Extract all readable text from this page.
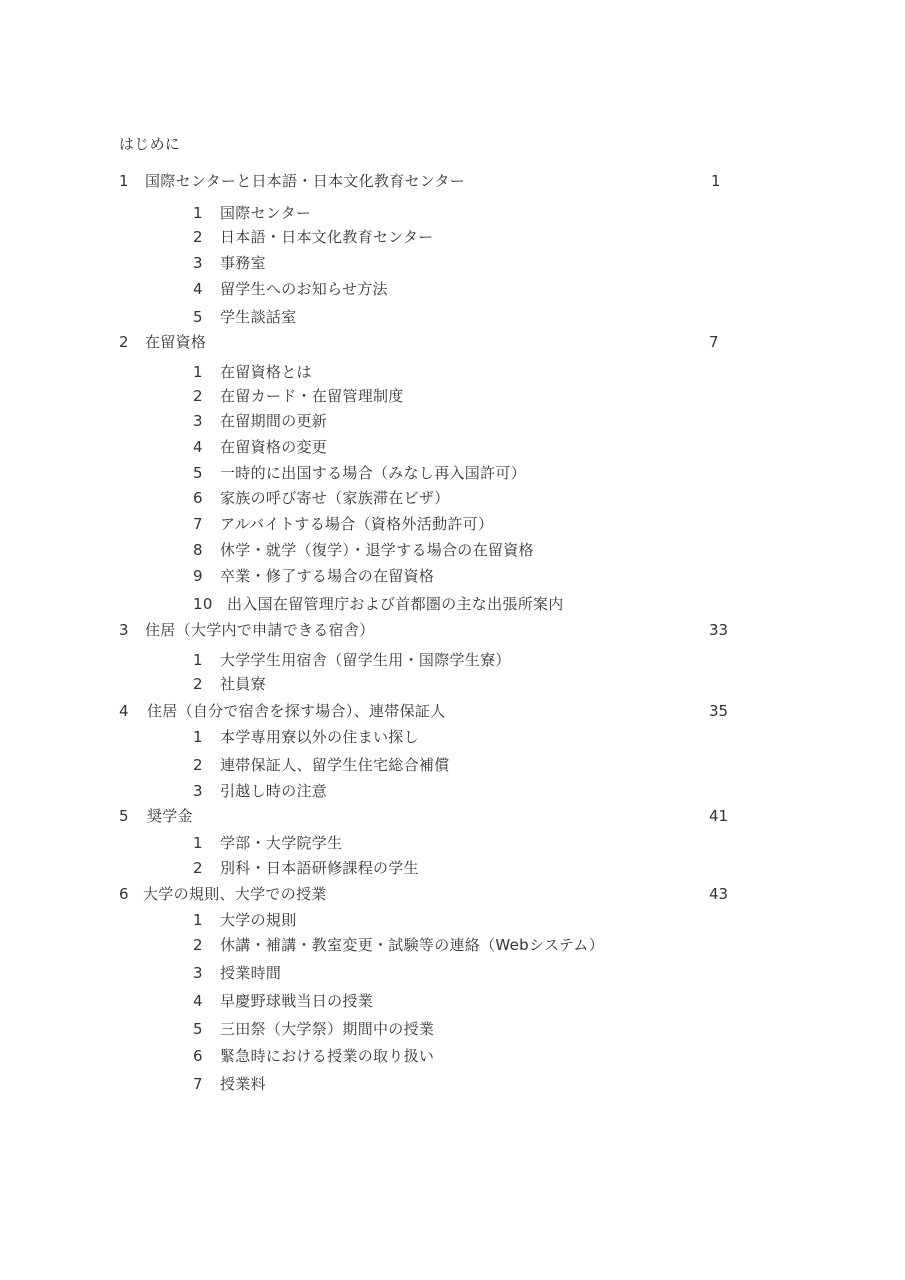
はじめに
1 国際センターと日本語・日本文化教育センター	1
1 国際センター
2 日本語・日本文化教育センター
3 事務室
4 留学生へのお知らせ方法
5 学生談話室
2 在留資格	7
1 在留資格とは
2 在留カード・在留管理制度
3 在留期間の更新
4 在留資格の変更
5 一時的に出国する場合（みなし再入国許可）
6 家族の呼び寄せ（家族滞在ビザ）
7 アルバイトする場合（資格外活動許可）
8 休学・就学（復学）・退学する場合の在留資格
9 卒業・修了する場合の在留資格
10 出入国在留管理庁および首都圏の主な出張所案内
3 住居（大学内で申請できる宿舎）	33
1 大学学生用宿舎（留学生用・国際学生寮）
2 社員寮
4 住居（自分で宿舎を探す場合）、連帯保証人	35
1 本学専用寮以外の住まい探し
2 連帯保証人、留学生住宅総合補償
3 引越し時の注意
5 奨学金	41
1 学部・大学院学生
2 別科・日本語研修課程の学生
6 大学の規則、大学での授業	43
1 大学の規則
2 休講・補講・教室変更・試験等の連絡（Webシステム）
3 授業時間
4 早慶野球戦当日の授業
5 三田祭（大学祭）期間中の授業
6 緊急時における授業の取り扱い
7 授業料
